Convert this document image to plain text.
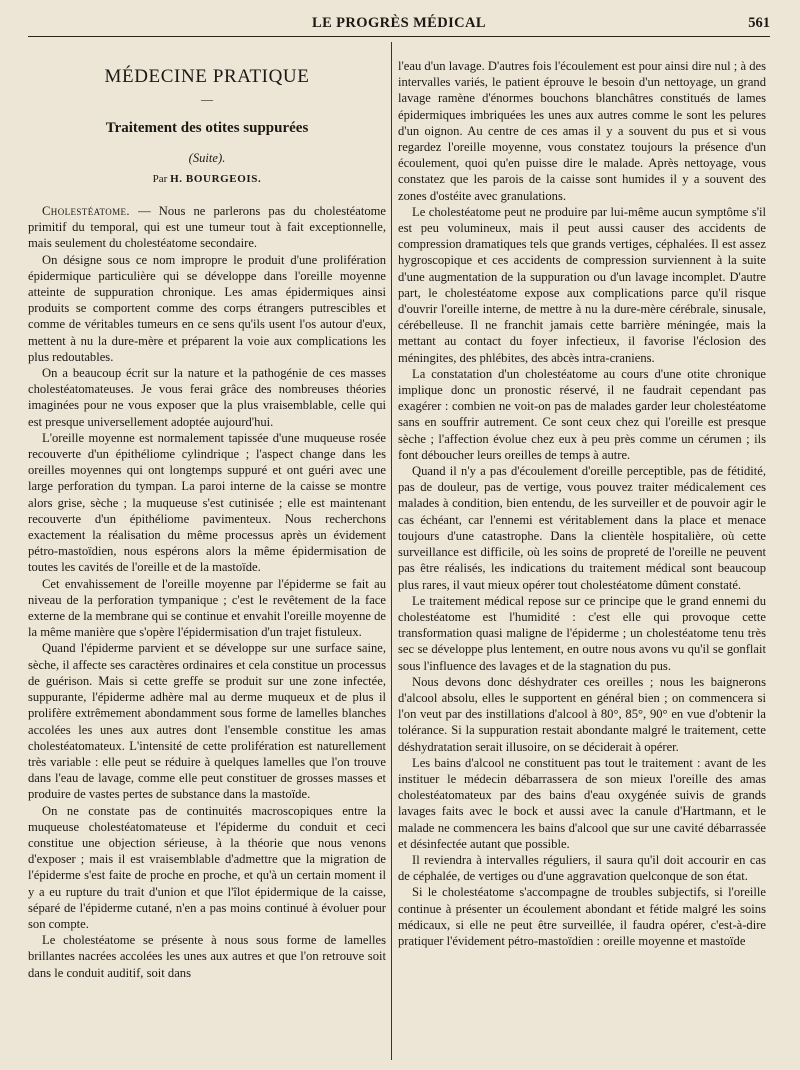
LE PROGRÈS MÉDICAL	561
MÉDECINE PRATIQUE
—
Traitement des otites suppurées
(Suite).
Par H. BOURGEOIS.

Cholestéatome. — Nous ne parlerons pas du cholestéatome primitif du temporal, qui est une tumeur tout à fait exceptionnelle, mais seulement du cholestéatome secondaire.

On désigne sous ce nom impropre le produit d'une prolifération épidermique particulière qui se développe dans l'oreille moyenne atteinte de suppuration chronique. Les amas épidermiques ainsi produits se comportent comme des corps étrangers putrescibles et comme de véritables tumeurs en ce sens qu'ils usent l'os autour d'eux, mettent à nu la dure-mère et préparent la voie aux complications les plus redoutables.

On a beaucoup écrit sur la nature et la pathogénie de ces masses cholestéatomateuses. Je vous ferai grâce des nombreuses théories imaginées pour ne vous exposer que la plus vraisemblable, celle qui est presque universellement adoptée aujourd'hui.

L'oreille moyenne est normalement tapissée d'une muqueuse rosée recouverte d'un épithéliome cylindrique ; l'aspect change dans les oreilles moyennes qui ont longtemps suppuré et ont guéri avec une large perforation du tympan. La paroi interne de la caisse se montre alors grise, sèche ; la muqueuse s'est cutinisée ; elle est maintenant recouverte d'un épithéliome pavimenteux. Nous recherchons exactement la réalisation du même processus après un évidement pétro-mastoïdien, nous espérons alors la même épidermisation de toutes les cavités de l'oreille et de la mastoïde.

Cet envahissement de l'oreille moyenne par l'épiderme se fait au niveau de la perforation tympanique ; c'est le revêtement de la face externe de la membrane qui se continue et envahit l'oreille moyenne de la même manière que s'opère l'épidermisation d'un trajet fistuleux.

Quand l'épiderme parvient et se développe sur une surface saine, sèche, il affecte ses caractères ordinaires et cela constitue un processus de guérison. Mais si cette greffe se produit sur une zone infectée, suppurante, l'épiderme adhère mal au derme muqueux et de plus il prolifère extrêmement abondamment sous forme de lamelles blanches accolées les unes aux autres dont l'ensemble constitue les amas cholestéatomateux. L'intensité de cette prolifération est naturellement très variable : elle peut se réduire à quelques lamelles que l'on trouve dans l'eau de lavage, comme elle peut constituer de grosses masses et produire de vastes pertes de substance dans la mastoïde.

On ne constate pas de continuités macroscopiques entre la muqueuse cholestéatomateuse et l'épiderme du conduit et ceci constitue une objection sérieuse, à la théorie que nous venons d'exposer ; mais il est vraisemblable d'admettre que la migration de l'épiderme s'est faite de proche en proche, et qu'à un certain moment il y a eu rupture du trait d'union et que l'îlot épidermique de la caisse, séparé de l'épiderme cutané, n'en a pas moins continué à évoluer pour son compte.

Le cholestéatome se présente à nous sous forme de lamelles brillantes nacrées accolées les unes aux autres et que l'on retrouve soit dans le conduit auditif, soit dans

l'eau d'un lavage. D'autres fois l'écoulement est pour ainsi dire nul ; à des intervalles variés, le patient éprouve le besoin d'un nettoyage, un grand lavage ramène d'énormes bouchons blanchâtres constitués de lames épidermiques imbriquées les unes aux autres comme le sont les pelures d'un oignon. Au centre de ces amas il y a souvent du pus et si vous regardez l'oreille moyenne, vous constatez toujours la présence d'un écoulement, quoi qu'en puisse dire le malade. Après nettoyage, vous constatez que les parois de la caisse sont humides il y a souvent des zones d'ostéite avec granulations.

Le cholestéatome peut ne produire par lui-même aucun symptôme s'il est peu volumineux, mais il peut aussi causer des accidents de compression dramatiques tels que grands vertiges, céphalées. Il est assez hygroscopique et ces accidents de compression surviennent à la suite d'une augmentation de la suppuration ou d'un lavage incomplet. D'autre part, le cholestéatome expose aux complications parce qu'il risque d'ouvrir l'oreille interne, de mettre à nu la dure-mère cérébrale, sinusale, cérébelleuse. Il ne franchit jamais cette barrière méningée, mais la mettant au contact du foyer infectieux, il favorise l'éclosion des méningites, des phlébites, des abcès intra-craniens.

La constatation d'un cholestéatome au cours d'une otite chronique implique donc un pronostic réservé, il ne faudrait cependant pas exagérer : combien ne voit-on pas de malades garder leur cholestéatome sans en souffrir autrement. Ce sont ceux chez qui l'oreille est presque sèche ; l'affection évolue chez eux à peu près comme un cérumen ; ils font déboucher leurs oreilles de temps à autre.

Quand il n'y a pas d'écoulement d'oreille perceptible, pas de fétidité, pas de douleur, pas de vertige, vous pouvez traiter médicalement ces malades à condition, bien entendu, de les surveiller et de pouvoir agir le cas échéant, car l'ennemi est véritablement dans la place et menace toujours d'une catastrophe. Dans la clientèle hospitalière, où cette surveillance est difficile, où les soins de propreté de l'oreille ne peuvent pas être réalisés, les indications du traitement médical sont beaucoup plus rares, il vaut mieux opérer tout cholestéatome dûment constaté.

Le traitement médical repose sur ce principe que le grand ennemi du cholestéatome est l'humidité : c'est elle qui provoque cette transformation quasi maligne de l'épiderme ; un cholestéatome tenu très sec se développe plus lentement, en outre nous avons vu qu'il se gonflait sous l'influence des lavages et de la stagnation du pus.

Nous devons donc déshydrater ces oreilles ; nous les baignerons d'alcool absolu, elles le supportent en général bien ; on commencera si l'on veut par des instillations d'alcool à 80°, 85°, 90° en vue d'obtenir la tolérance. Si la suppuration restait abondante malgré le traitement, cette déshydratation serait illusoire, on se déciderait à opérer.

Les bains d'alcool ne constituent pas tout le traitement : avant de les instituer le médecin débarrassera de son mieux l'oreille des amas cholestéatomateux par des bains d'eau oxygénée suivis de grands lavages faits avec le bock et aussi avec la canule d'Hartmann, et le malade ne commencera les bains d'alcool que sur une cavité débarrassée et désinfectée autant que possible.

Il reviendra à intervalles réguliers, il saura qu'il doit accourir en cas de céphalée, de vertiges ou d'une aggravation quelconque de son état.

Si le cholestéatome s'accompagne de troubles subjectifs, si l'oreille continue à présenter un écoulement abondant et fétide malgré les soins médicaux, si elle ne peut être surveillée, il faudra opérer, c'est-à-dire pratiquer l'évidement pétro-mastoïdien : oreille moyenne et mastoïde
